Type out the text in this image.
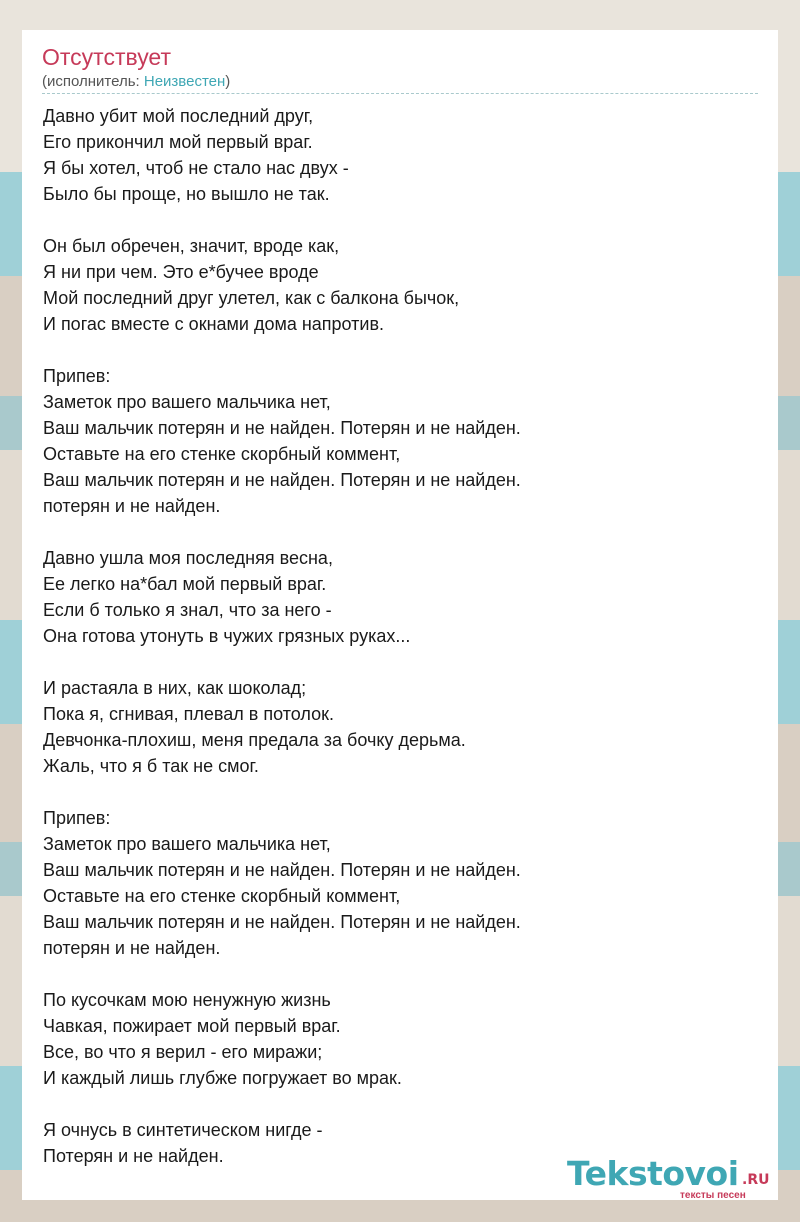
Отсутствует
(исполнитель: Неизвестен)
Давно убит мой последний друг,
Его прикончил мой первый враг.
Я бы хотел, чтоб не стало нас двух -
Было бы проще, но вышло не так.
Он был обречен, значит, вроде как,
Я ни при чем. Это е*бучее вроде
Мой последний друг улетел, как с балкона бычок,
И погас вместе с окнами дома напротив.
Припев:
Заметок про вашего мальчика нет,
Ваш мальчик потерян и не найден. Потерян и не найден.
Оставьте на его стенке скорбный коммент,
Ваш мальчик потерян и не найден. Потерян и не найден.
потерян и не найден.
Давно ушла моя последняя весна,
Ее легко на*бал мой первый враг.
Если б только я знал, что за него -
Она готова утонуть в чужих грязных руках...
И растаяла в них, как шоколад;
Пока я, сгнивая, плевал в потолок.
Девчонка-плохиш, меня предала за бочку дерьма.
Жаль, что я б так не смог.
Припев:
Заметок про вашего мальчика нет,
Ваш мальчик потерян и не найден. Потерян и не найден.
Оставьте на его стенке скорбный коммент,
Ваш мальчик потерян и не найден. Потерян и не найден.
потерян и не найден.
По кусочкам мою ненужную жизнь
Чавкая, пожирает мой первый враг.
Все, во что я верил - его миражи;
И каждый лишь глубже погружает во мрак.
Я очнусь в синтетическом нигде -
Потерян и не найден.	Tekstovoi .RU
тексты песен
